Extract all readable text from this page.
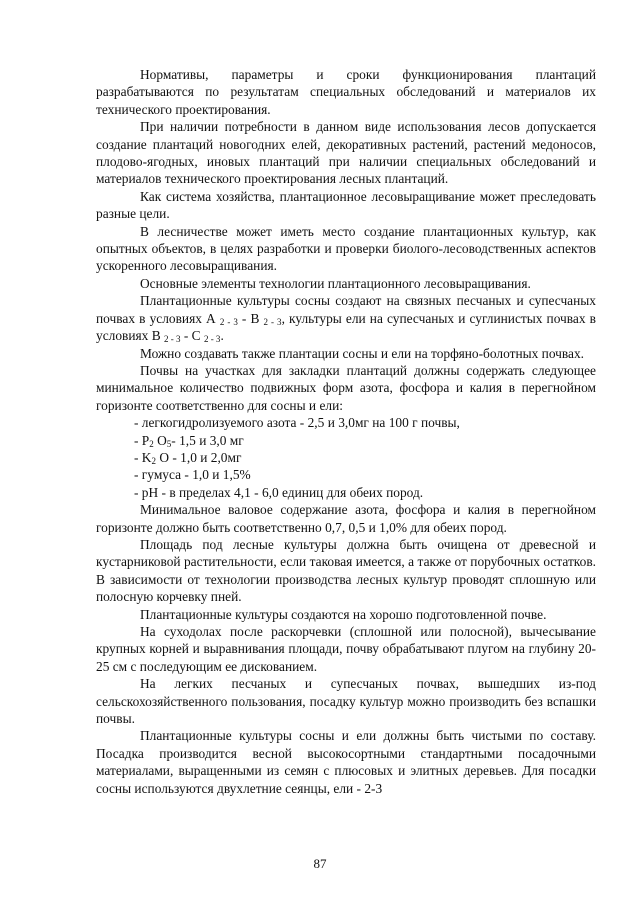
Нормативы, параметры и сроки функционирования плантаций разрабатываются по результатам специальных обследований и материалов их технического проектирования.

При наличии потребности в данном виде использования лесов допускается создание плантаций новогодних елей, декоративных растений, растений медоносов, плодово-ягодных, иновых плантаций при наличии специальных обследований и материалов технического проектирования лесных плантаций.

Как система хозяйства, плантационное лесовыращивание может преследовать разные цели.

В лесничестве может иметь место создание плантационных культур, как опытных объектов, в целях разработки и проверки биолого-лесоводственных аспектов ускоренного лесовыращивания.

Основные элементы технологии плантационного лесовыращивания.

Плантационные культуры сосны создают на связных песчаных и супесчаных почвах в условиях А $_{2 - 3}$ - В $_{2 - 3}$, культуры ели на супесчаных и суглинистых почвах в условиях В $_{2 - 3}$ - С $_{2 - 3}$.

Можно создавать также плантации сосны и ели на торфяно-болотных почвах.

Почвы на участках для закладки плантаций должны содержать следующее минимальное количество подвижных форм азота, фосфора и калия в перегнойном горизонте соответственно для сосны и ели:

- легкогидролизуемого азота - 2,5 и 3,0мг на 100 г почвы,

- $P_2$ $O_5-$ 1,5 и 3,0 мг

- $K_2$ O - 1,0 и 2,0мг

- гумуса - 1,0 и 1,5%

- pH - в пределах 4,1 - 6,0 единиц для обеих пород.

Минимальное валовое содержание азота, фосфора и калия в перегнойном горизонте должно быть соответственно 0,7, 0,5 и 1,0% для обеих пород.

Площадь под лесные культуры должна быть очищена от древесной и кустарниковой растительности, если таковая имеется, а также от порубочных остатков. В зависимости от технологии производства лесных культур проводят сплошную или полосную корчевку пней.

Плантационные культуры создаются на хорошо подготовленной почве.

На суходолах после раскорчевки (сплошной или полосной), вычесывание крупных корней и выравнивания площади, почву обрабатывают плугом на глубину 20-25 см с последующим ее дискованием.

На легких песчаных и супесчаных почвах, вышедших из-под сельскохозяйственного пользования, посадку культур можно производить без вспашки почвы.

Плантационные культуры сосны и ели должны быть чистыми по составу. Посадка производится весной высокосортными стандартными посадочными материалами, выращенными из семян с плюсовых и элитных деревьев. Для посадки сосны используются двухлетние сеянцы, ели - 2-3

87
